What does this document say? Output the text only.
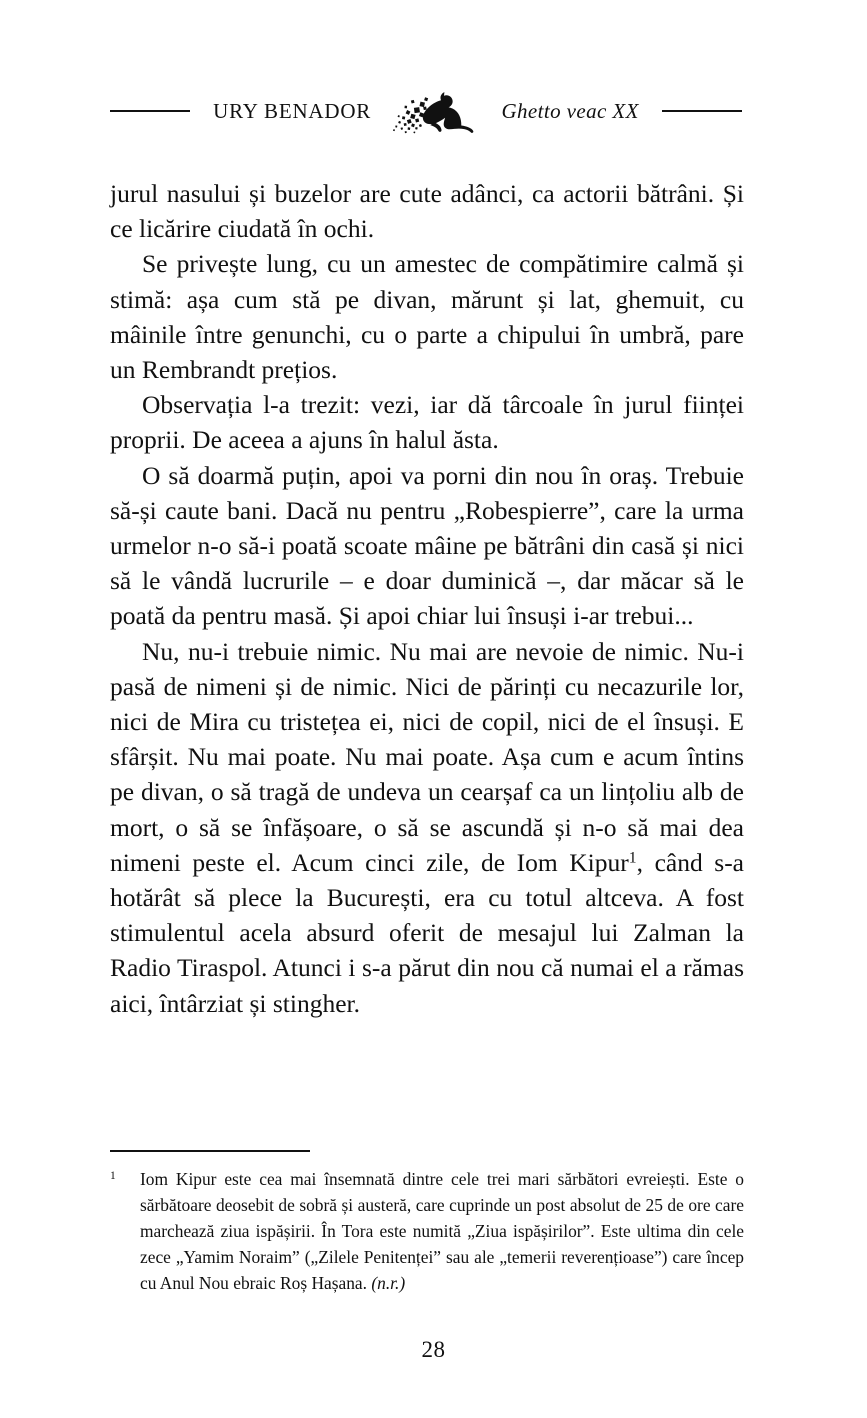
URY BENADOR	Ghetto veac XX

jurul nasului și buzelor are cute adânci, ca actorii bătrâni. Și ce licărire ciudată în ochi.

Se privește lung, cu un amestec de compătimire calmă și stimă: așa cum stă pe divan, mărunt și lat, ghemuit, cu mâinile între genunchi, cu o parte a chipului în umbră, pare un Rembrandt prețios.

Observația l-a trezit: vezi, iar dă târcoale în jurul ființei proprii. De aceea a ajuns în halul ăsta.

O să doarmă puțin, apoi va porni din nou în oraș. Trebuie să-și caute bani. Dacă nu pentru „Robespierre”, care la urma urmelor n-o să-i poată scoate mâine pe bătrâni din casă și nici să le vândă lucrurile – e doar duminică –, dar măcar să le poată da pentru masă. Și apoi chiar lui însuși i-ar trebui...

Nu, nu-i trebuie nimic. Nu mai are nevoie de nimic. Nu-i pasă de nimeni și de nimic. Nici de părinți cu necazurile lor, nici de Mira cu tristețea ei, nici de copil, nici de el însuși. E sfârșit. Nu mai poate. Nu mai poate. Așa cum e acum întins pe divan, o să tragă de undeva un cearșaf ca un lințoliu alb de mort, o să se înfășoare, o să se ascundă și n-o să mai dea nimeni peste el. Acum cinci zile, de Iom Kipur$^1$, când s-a hotărât să plece la București, era cu totul altceva. A fost stimulentul acela absurd oferit de mesajul lui Zalman la Radio Tiraspol. Atunci i s-a părut din nou că numai el a rămas aici, întârziat și stingher.

1 Iom Kipur este cea mai însemnată dintre cele trei mari sărbători evreiești. Este o sărbătoare deosebit de sobră și austeră, care cuprinde un post absolut de 25 de ore care marchează ziua ispășirii. În Tora este numită „Ziua ispășirilor”. Este ultima din cele zece „Yamim Noraim” („Zilele Penitenței” sau ale „temerii reverențioase”) care încep cu Anul Nou ebraic Roș Hașana. (n.r.)
28
